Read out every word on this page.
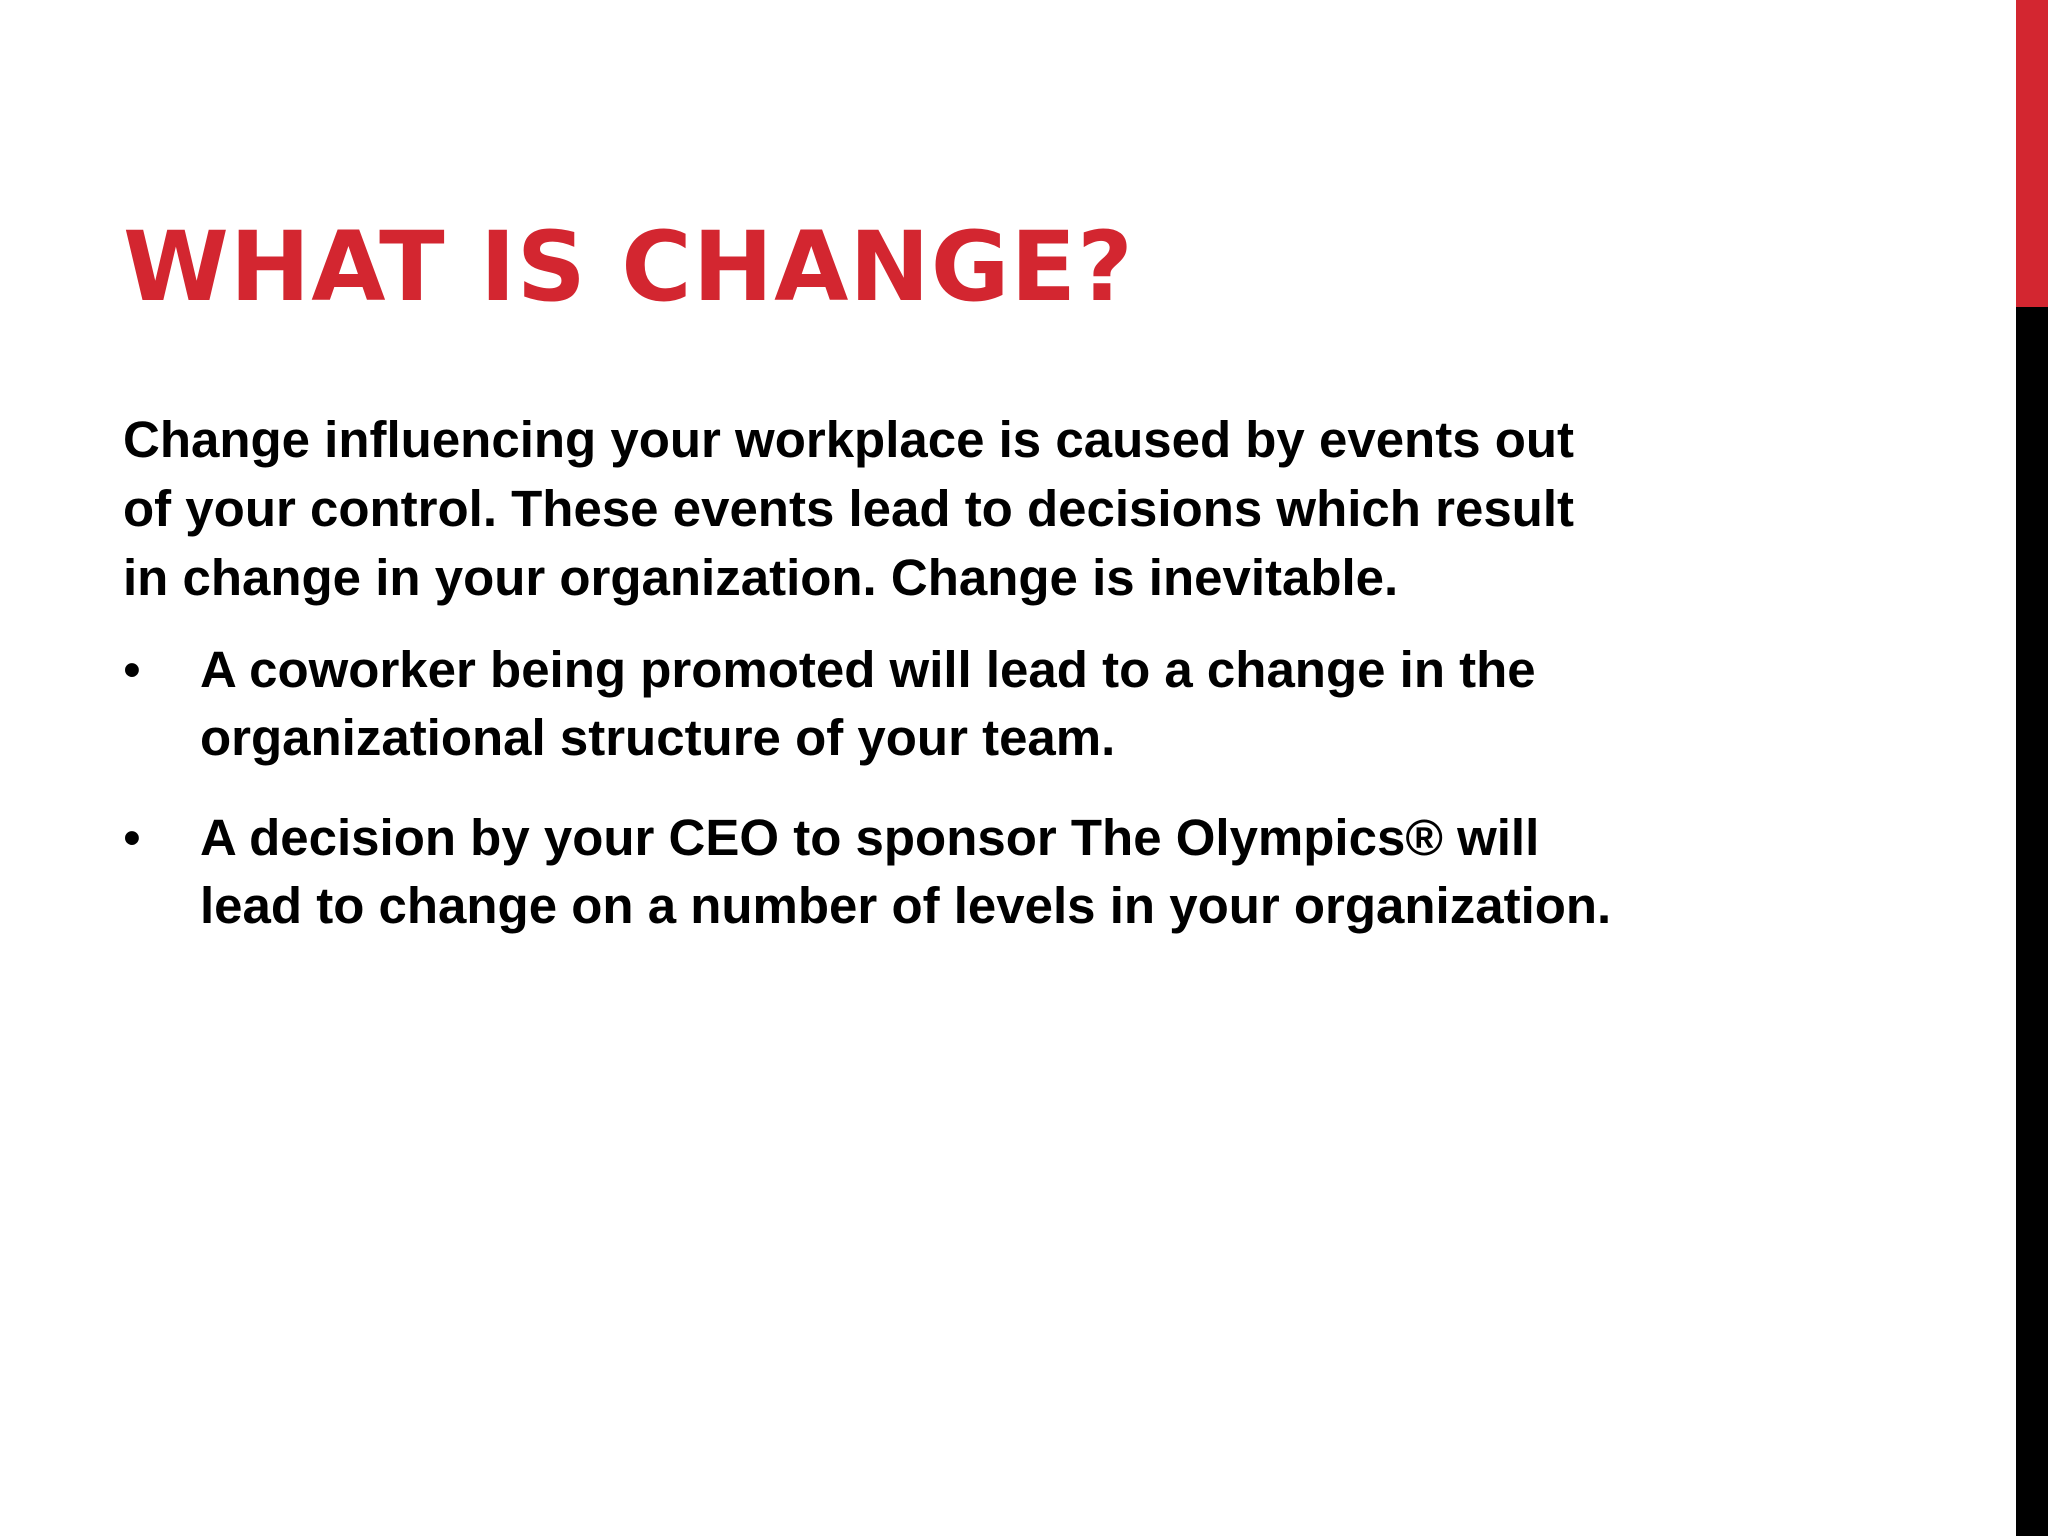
WHAT IS CHANGE?

Change influencing your workplace is caused by events out
of your control. These events lead to decisions which result
in change in your organization. Change is inevitable.

• A coworker being promoted will lead to a change in the
organizational structure of your team.
• A decision by your CEO to sponsor The Olympics® will
lead to change on a number of levels in your organization.
